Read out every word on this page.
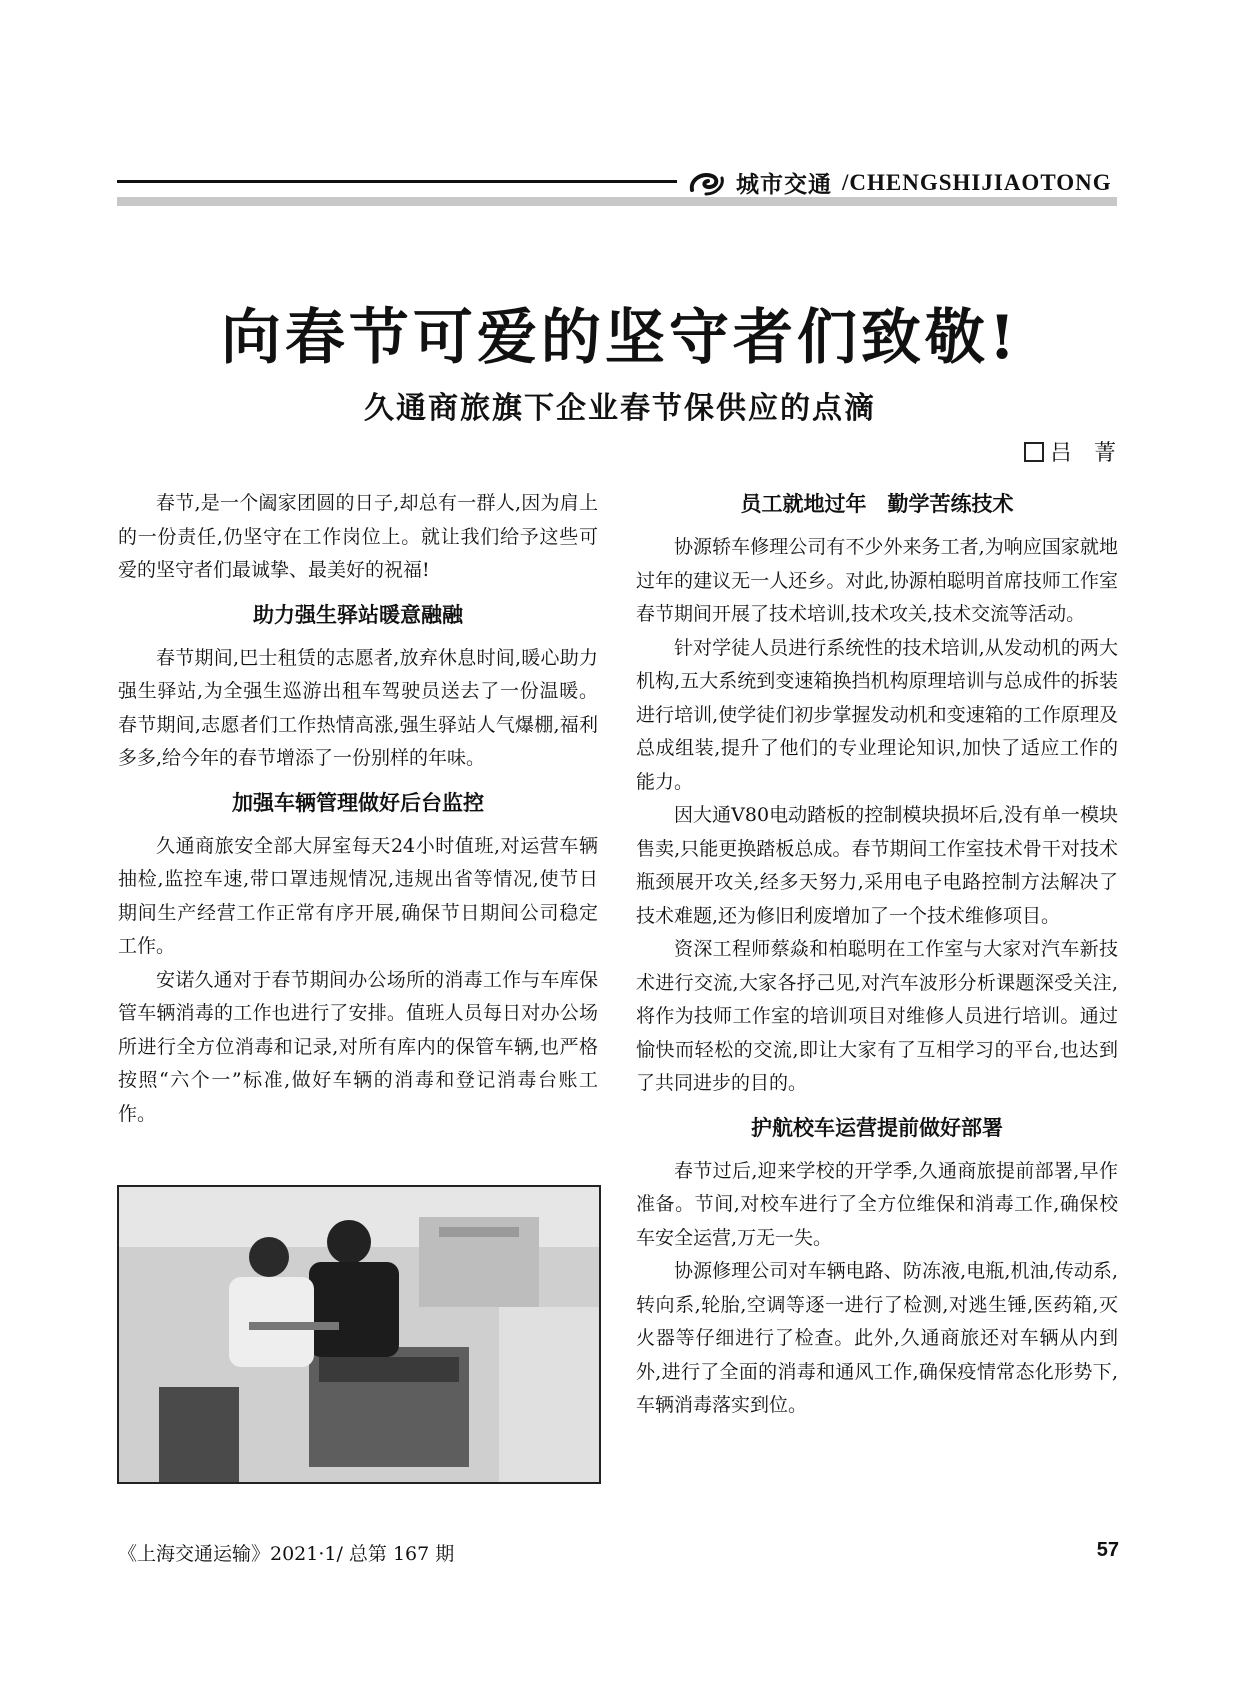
城市交通 /CHENGSHIJIAOTONG
向春节可爱的坚守者们致敬!
久通商旅旗下企业春节保供应的点滴
吕　菁

春节,是一个阖家团圆的日子,却总有一群人,因为肩上的一份责任,仍坚守在工作岗位上。就让我们给予这些可爱的坚守者们最诚挚、最美好的祝福!

助力强生驿站暖意融融

春节期间,巴士租赁的志愿者,放弃休息时间,暖心助力强生驿站,为全强生巡游出租车驾驶员送去了一份温暖。春节期间,志愿者们工作热情高涨,强生驿站人气爆棚,福利多多,给今年的春节增添了一份别样的年味。

加强车辆管理做好后台监控

久通商旅安全部大屏室每天24小时值班,对运营车辆抽检,监控车速,带口罩违规情况,违规出省等情况,使节日期间生产经营工作正常有序开展,确保节日期间公司稳定工作。

安诺久通对于春节期间办公场所的消毒工作与车库保管车辆消毒的工作也进行了安排。值班人员每日对办公场所进行全方位消毒和记录,对所有库内的保管车辆,也严格按照“六个一”标准,做好车辆的消毒和登记消毒台账工作。

员工就地过年　勤学苦练技术

协源轿车修理公司有不少外来务工者,为响应国家就地过年的建议无一人还乡。对此,协源柏聪明首席技师工作室春节期间开展了技术培训,技术攻关,技术交流等活动。

针对学徒人员进行系统性的技术培训,从发动机的两大机构,五大系统到变速箱换挡机构原理培训与总成件的拆装进行培训,使学徒们初步掌握发动机和变速箱的工作原理及总成组装,提升了他们的专业理论知识,加快了适应工作的能力。

因大通V80电动踏板的控制模块损坏后,没有单一模块售卖,只能更换踏板总成。春节期间工作室技术骨干对技术瓶颈展开攻关,经多天努力,采用电子电路控制方法解决了技术难题,还为修旧利废增加了一个技术维修项目。

资深工程师蔡焱和柏聪明在工作室与大家对汽车新技术进行交流,大家各抒己见,对汽车波形分析课题深受关注,将作为技师工作室的培训项目对维修人员进行培训。通过愉快而轻松的交流,即让大家有了互相学习的平台,也达到了共同进步的目的。

护航校车运营提前做好部署

春节过后,迎来学校的开学季,久通商旅提前部署,早作准备。节间,对校车进行了全方位维保和消毒工作,确保校车安全运营,万无一失。

协源修理公司对车辆电路、防冻液,电瓶,机油,传动系,转向系,轮胎,空调等逐一进行了检测,对逃生锤,医药箱,灭火器等仔细进行了检查。此外,久通商旅还对车辆从内到外,进行了全面的消毒和通风工作,确保疫情常态化形势下,车辆消毒落实到位。

《上海交通运输》2021·1/ 总第 167 期	57
